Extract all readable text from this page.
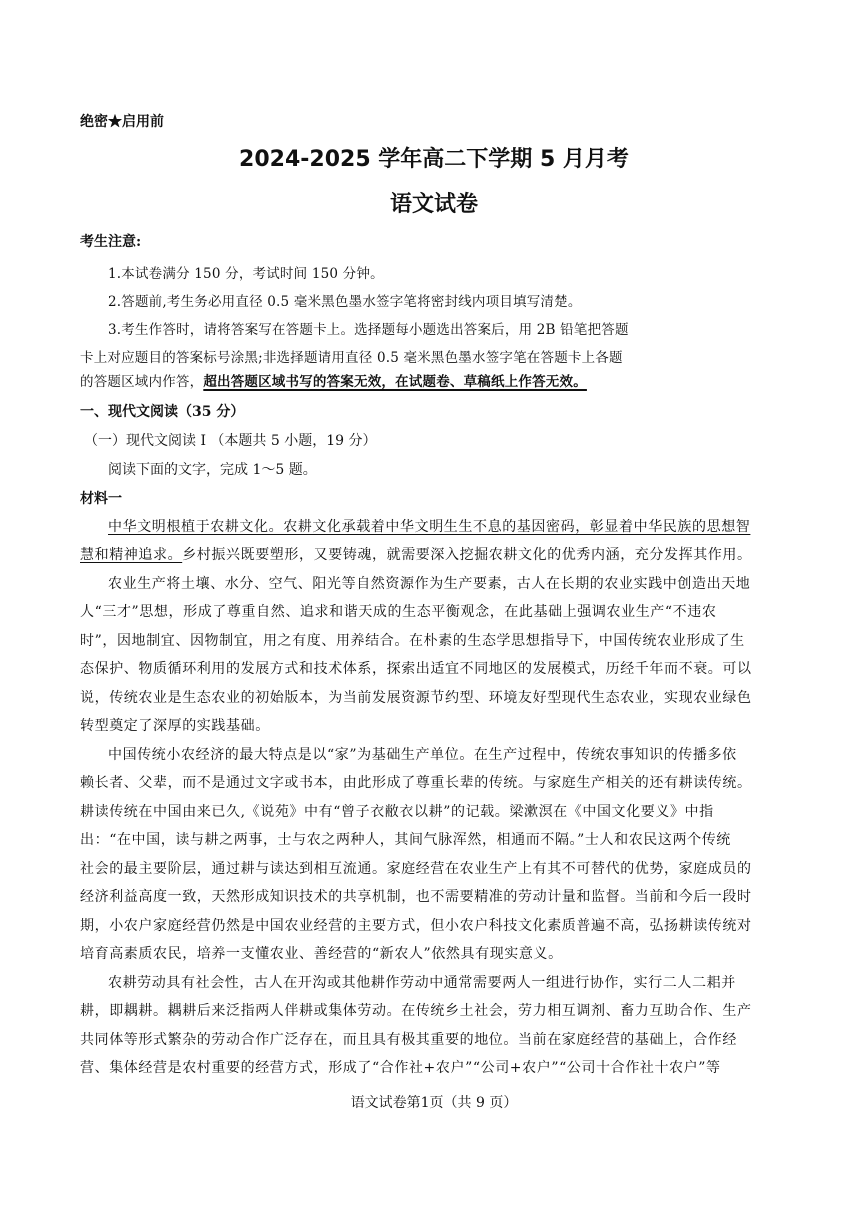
绝密★启用前
2024-2025 学年高二下学期 5 月月考
语文试卷
考生注意:
1.本试卷满分 150 分，考试时间 150 分钟。
2.答题前,考生务必用直径 0.5 毫米黑色墨水签字笔将密封线内项目填写清楚。
3.考生作答时，请将答案写在答题卡上。选择题每小题选出答案后，用 2B 铅笔把答题
卡上对应题目的答案标号涂黑;非选择题请用直径 0.5 毫米黑色墨水签字笔在答题卡上各题
的答题区域内作答，超出答题区域书写的答案无效，在试题卷、草稿纸上作答无效。
一、现代文阅读（35 分）
（一）现代文阅读 I （本题共 5 小题，19 分）
阅读下面的文字，完成 1～5 题。
材料一
中华文明根植于农耕文化。农耕文化承载着中华文明生生不息的基因密码，彰显着中华民族的思想智
慧和精神追求。乡村振兴既要塑形，又要铸魂，就需要深入挖掘农耕文化的优秀内涵，充分发挥其作用。
农业生产将土壤、水分、空气、阳光等自然资源作为生产要素，古人在长期的农业实践中创造出天地
人“三才”思想，形成了尊重自然、追求和谐天成的生态平衡观念，在此基础上强调农业生产“不违农
时”，因地制宜、因物制宜，用之有度、用养结合。在朴素的生态学思想指导下，中国传统农业形成了生
态保护、物质循环利用的发展方式和技术体系，探索出适宜不同地区的发展模式，历经千年而不衰。可以
说，传统农业是生态农业的初始版本，为当前发展资源节约型、环境友好型现代生态农业，实现农业绿色
转型奠定了深厚的实践基础。
中国传统小农经济的最大特点是以“家”为基础生产单位。在生产过程中，传统农事知识的传播多依
赖长者、父辈，而不是通过文字或书本，由此形成了尊重长辈的传统。与家庭生产相关的还有耕读传统。
耕读传统在中国由来已久,《说苑》中有“曾子衣敝衣以耕”的记载。梁漱溟在《中国文化要义》中指
出：“在中国，读与耕之两事，士与农之两种人，其间气脉浑然，相通而不隔。”士人和农民这两个传统
社会的最主要阶层，通过耕与读达到相互流通。家庭经营在农业生产上有其不可替代的优势，家庭成员的
经济利益高度一致，天然形成知识技术的共享机制，也不需要精准的劳动计量和监督。当前和今后一段时
期，小农户家庭经营仍然是中国农业经营的主要方式，但小农户科技文化素质普遍不高，弘扬耕读传统对
培育高素质农民，培养一支懂农业、善经营的“新农人”依然具有现实意义。
农耕劳动具有社会性，古人在开沟或其他耕作劳动中通常需要两人一组进行协作，实行二人二耜并
耕，即耦耕。耦耕后来泛指两人伴耕或集体劳动。在传统乡土社会，劳力相互调剂、畜力互助合作、生产
共同体等形式繁杂的劳动合作广泛存在，而且具有极其重要的地位。当前在家庭经营的基础上，合作经
营、集体经营是农村重要的经营方式，形成了“合作社+农户”“公司+农户”“公司十合作社十农户”等
语文试卷第1页（共 9 页）
